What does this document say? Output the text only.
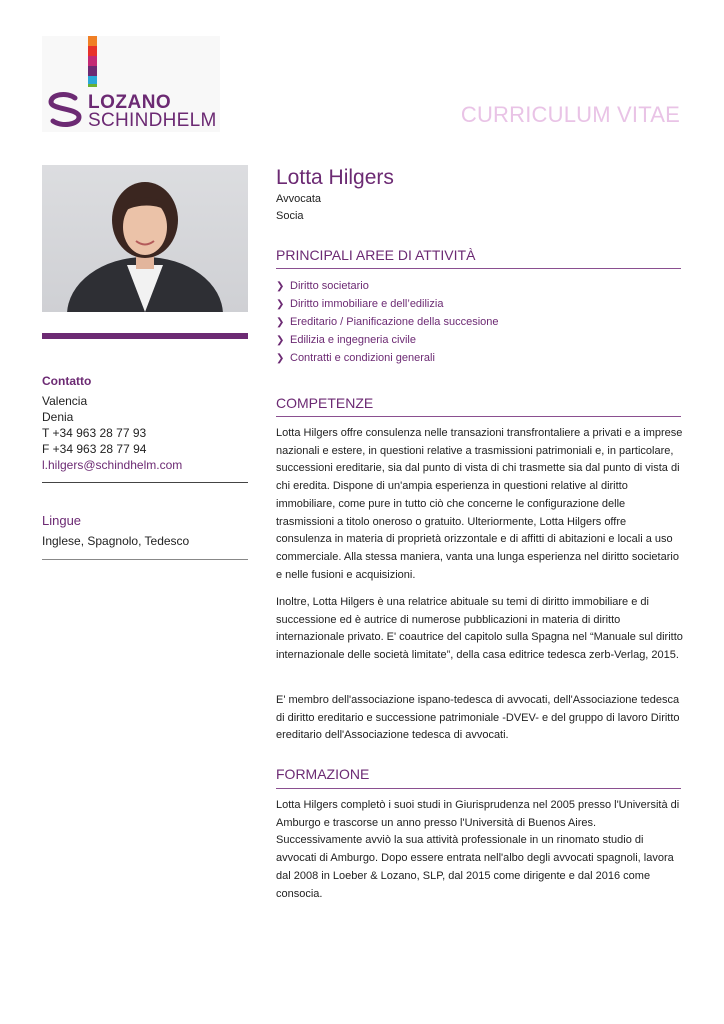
LOZANO
SCHINDHELM	CURRICULUM VITAE
Contatto
Valencia
Denia
T +34 963 28 77 93
F +34 963 28 77 94
l.hilgers@schindhelm.com
Lingue
Inglese, Spagnolo, Tedesco
Lotta Hilgers
Avvocata
Socia
PRINCIPALI AREE DI ATTIVITÀ
❯ Diritto societario
❯ Diritto immobiliare e dell’edilizia
❯ Ereditario / Pianificazione della succesione
❯ Edilizia e ingegneria civile
❯ Contratti e condizioni generali
COMPETENZE
Lotta Hilgers offre consulenza nelle transazioni transfrontaliere a privati e a imprese nazionali e estere, in questioni relative a trasmissioni patrimoniali e, in particolare, successioni ereditarie, sia dal punto di vista di chi trasmette sia dal punto di vista di chi eredita. Dispone di un'ampia esperienza in questioni relative al diritto immobiliare, come pure in tutto ciò che concerne le configurazione delle trasmissioni a titolo oneroso o gratuito. Ulteriormente, Lotta Hilgers offre consulenza in materia di proprietà orizzontale e di affitti di abitazioni e locali a uso commerciale. Alla stessa maniera, vanta una lunga esperienza nel diritto societario e nelle fusioni e acquisizioni.
Inoltre, Lotta Hilgers è una relatrice abituale su temi di diritto immobiliare e di successione ed è autrice di numerose pubblicazioni in materia di diritto internazionale privato. E' coautrice del capitolo sulla Spagna nel “Manuale sul diritto internazionale delle società limitate”, della casa editrice tedesca zerb-Verlag, 2015.
E' membro dell'associazione ispano-tedesca di avvocati, dell'Associazione tedesca di diritto ereditario e successione patrimoniale -DVEV- e del gruppo di lavoro Diritto ereditario dell'Associazione tedesca di avvocati.
FORMAZIONE
Lotta Hilgers completò i suoi studi in Giurisprudenza nel 2005 presso l'Università di Amburgo e trascorse un anno presso l'Università di Buenos Aires. Successivamente avviò la sua attività professionale in un rinomato studio di avvocati di Amburgo. Dopo essere entrata nell'albo degli avvocati spagnoli, lavora dal 2008 in Loeber & Lozano, SLP, dal 2015 come dirigente e dal 2016 come consocia.
